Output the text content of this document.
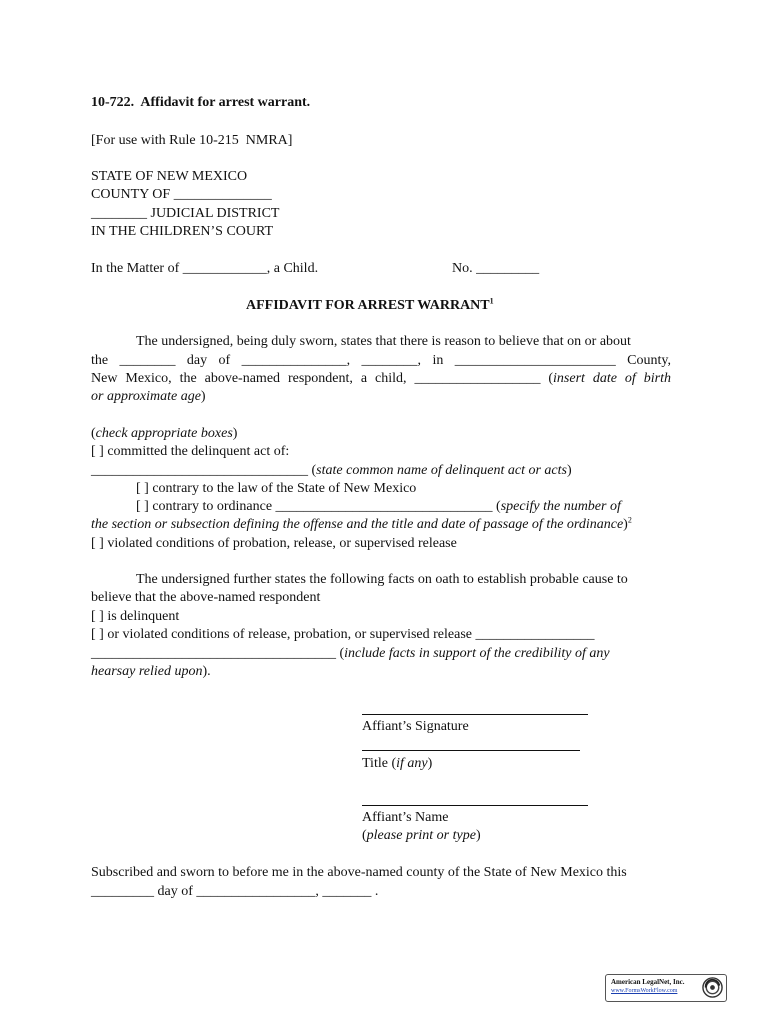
10-722.  Affidavit for arrest warrant.
[For use with Rule 10-215  NMRA]
STATE OF NEW MEXICO
COUNTY OF ______________
________ JUDICIAL DISTRICT
IN THE CHILDREN’S COURT
In the Matter of ____________, a Child.	No. _________
AFFIDAVIT FOR ARREST WARRANT$^1$
The undersigned, being duly sworn, states that there is reason to believe that on or about
the ________ day of _______________, ________, in _______________________ County,
New Mexico, the above-named respondent, a child, __________________ (insert date of birth
or approximate age)
(check appropriate boxes)
[ ] committed the delinquent act of:
_______________________________ (state common name of delinquent act or acts)
[ ] contrary to the law of the State of New Mexico
[ ] contrary to ordinance _______________________________ (specify the number of
the section or subsection defining the offense and the title and date of passage of the ordinance)$^2$
[ ] violated conditions of probation, release, or supervised release
The undersigned further states the following facts on oath to establish probable cause to
believe that the above-named respondent
[ ] is delinquent
[ ] or violated conditions of release, probation, or supervised release _________________
___________________________________ (include facts in support of the credibility of any
hearsay relied upon).
Affiant’s Signature
Title (if any)
Affiant’s Name
(please print or type)
Subscribed and sworn to before me in the above-named county of the State of New Mexico this
_________ day of _________________, _______ .
American LegalNet, Inc.
www.FormsWorkFlow.com
